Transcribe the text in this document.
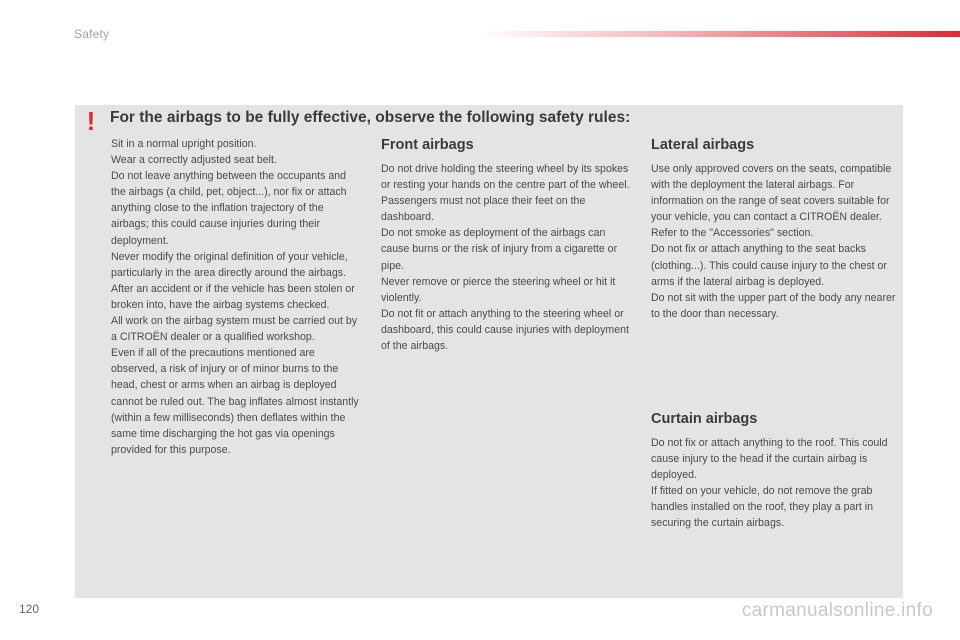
Safety
! For the airbags to be fully effective, observe the following safety rules:

Sit in a normal upright position.

Wear a correctly adjusted seat belt.

Do not leave anything between the occupants and the airbags (a child, pet, object...), nor fix or attach anything close to the inflation trajectory of the airbags; this could cause injuries during their deployment.

Never modify the original definition of your vehicle, particularly in the area directly around the airbags.

After an accident or if the vehicle has been stolen or broken into, have the airbag systems checked.

All work on the airbag system must be carried out by a CITROËN dealer or a qualified workshop.

Even if all of the precautions mentioned are observed, a risk of injury or of minor burns to the head, chest or arms when an airbag is deployed cannot be ruled out. The bag inflates almost instantly (within a few milliseconds) then deflates within the same time discharging the hot gas via openings provided for this purpose.

Front airbags

Do not drive holding the steering wheel by its spokes or resting your hands on the centre part of the wheel.

Passengers must not place their feet on the dashboard.

Do not smoke as deployment of the airbags can cause burns or the risk of injury from a cigarette or pipe.

Never remove or pierce the steering wheel or hit it violently.

Do not fit or attach anything to the steering wheel or dashboard, this could cause injuries with deployment of the airbags.

Lateral airbags

Use only approved covers on the seats, compatible with the deployment the lateral airbags. For information on the range of seat covers suitable for your vehicle, you can contact a CITROËN dealer.

Refer to the "Accessories" section.

Do not fix or attach anything to the seat backs (clothing...). This could cause injury to the chest or arms if the lateral airbag is deployed.

Do not sit with the upper part of the body any nearer to the door than necessary.

Curtain airbags

Do not fix or attach anything to the roof. This could cause injury to the head if the curtain airbag is deployed.

If fitted on your vehicle, do not remove the grab handles installed on the roof, they play a part in securing the curtain airbags.

120	carmanualsonline.info
